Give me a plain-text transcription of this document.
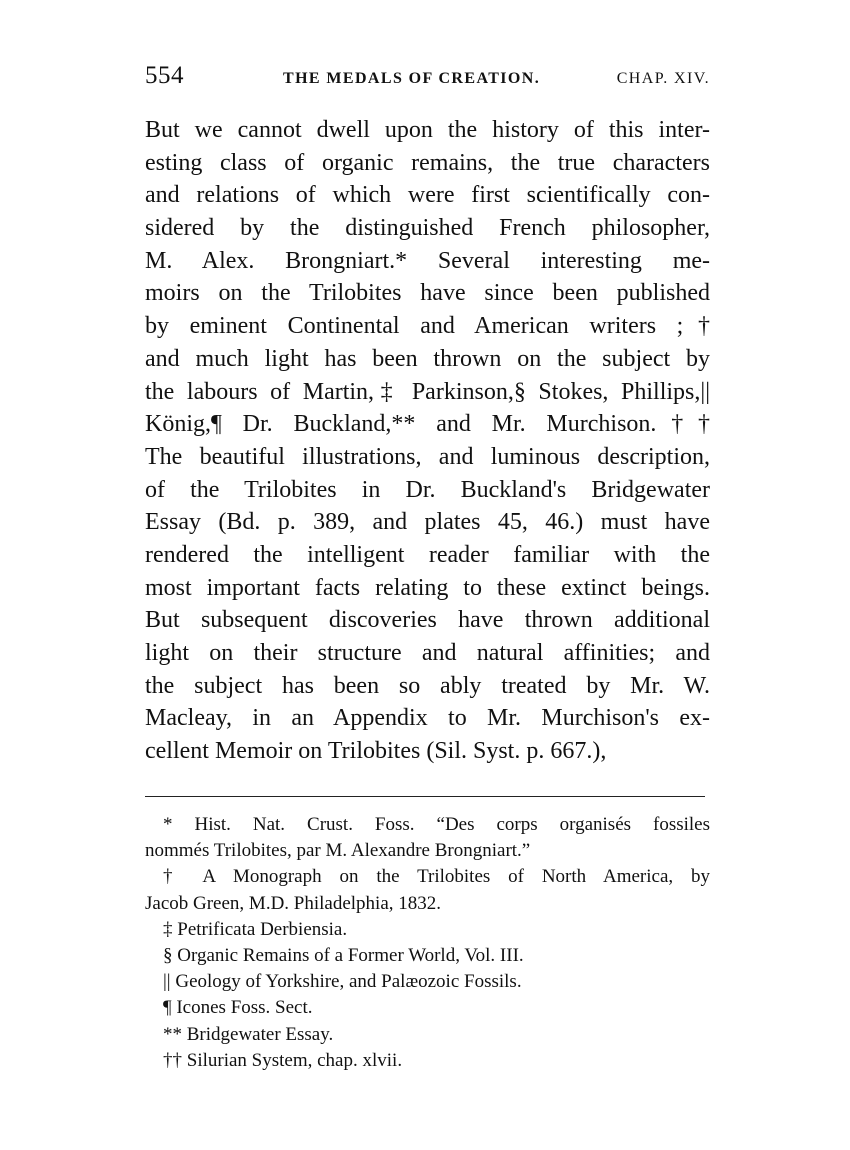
554	THE MEDALS OF CREATION.	CHAP. XIV.
But we cannot dwell upon the history of this inter-
esting class of organic remains, the true characters
and relations of which were first scientifically con-
sidered by the distinguished French philosopher,
M. Alex. Brongniart.* Several interesting me-
moirs on the Trilobites have since been published
by eminent Continental and American writers ;†
and much light has been thrown on the subject by
the labours of Martin,‡ Parkinson,§ Stokes, Phillips,||
König,¶ Dr. Buckland,** and Mr. Murchison.††
The beautiful illustrations, and luminous description,
of the Trilobites in Dr. Buckland's Bridgewater
Essay (Bd. p. 389, and plates 45, 46.) must have
rendered the intelligent reader familiar with the
most important facts relating to these extinct beings.
But subsequent discoveries have thrown additional
light on their structure and natural affinities; and
the subject has been so ably treated by Mr. W.
Macleay, in an Appendix to Mr. Murchison's ex-
cellent Memoir on Trilobites (Sil. Syst. p. 667.),
* Hist. Nat. Crust. Foss. “Des corps organisés fossiles
nommés Trilobites, par M. Alexandre Brongniart.”
† A Monograph on the Trilobites of North America, by
Jacob Green, M.D. Philadelphia, 1832.
‡ Petrificata Derbiensia.
§ Organic Remains of a Former World, Vol. III.
|| Geology of Yorkshire, and Palæozoic Fossils.
¶ Icones Foss. Sect.
** Bridgewater Essay.
†† Silurian System, chap. xlvii.
